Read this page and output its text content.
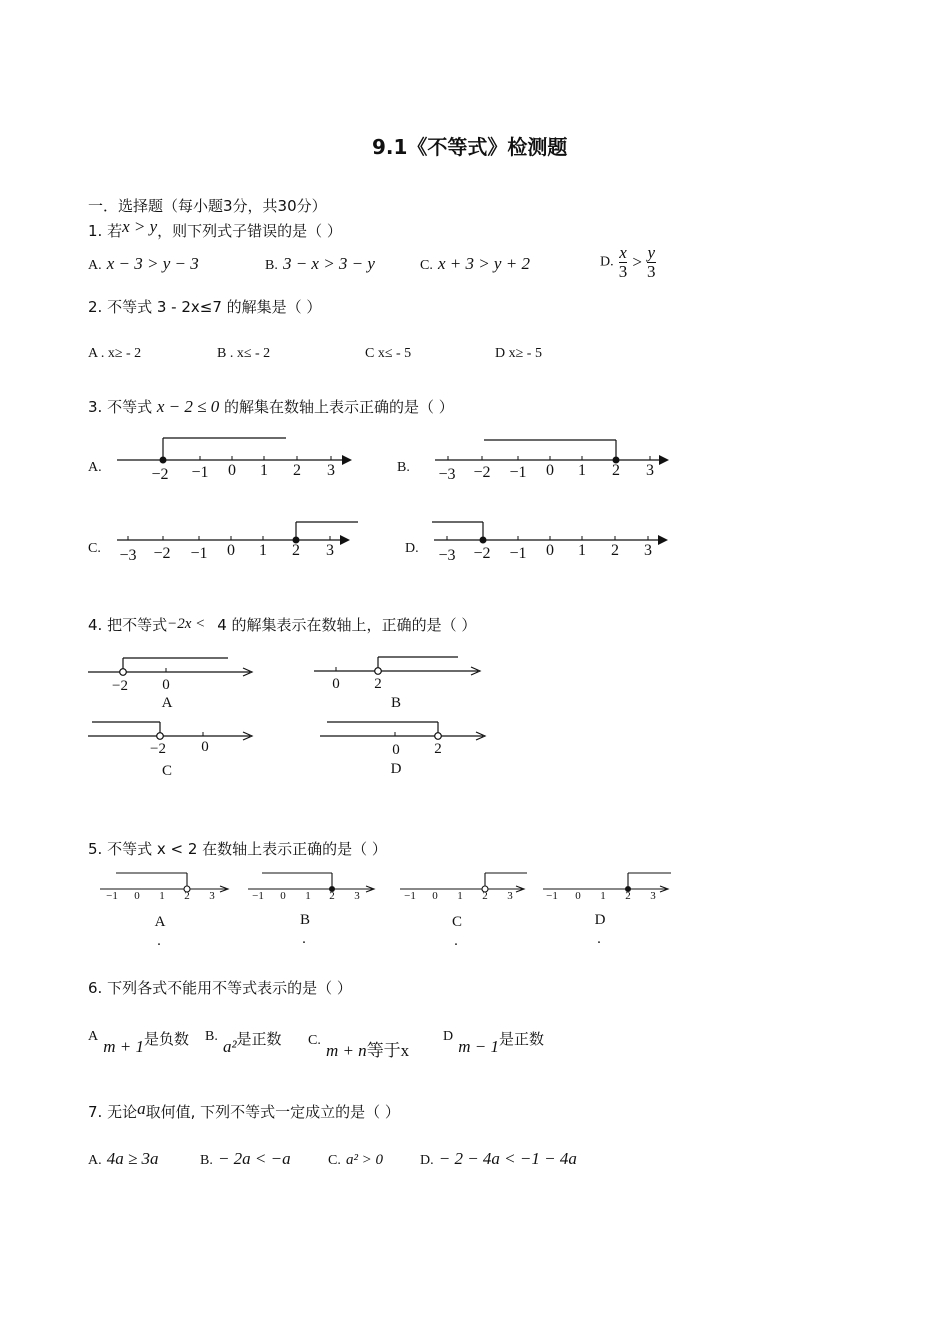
9.1《不等式》检测题
一．选择题（每小题3分，共30分）
1. 若x > y，则下列式子错误的是（ ）
A. x − 3 > y − 3	B. 3 − x > 3 − y	C. x + 3 > y + 2	D. $\frac{x}{3} > \frac{y}{3}$
2. 不等式 3 - 2x≤7 的解集是（ ）
A . x≥ - 2	B . x≤ - 2	C x≤ - 5	D x≥ - 5
3. 不等式 x − 2 ≤ 0 的解集在数轴上表示正确的是（ ）
A.	−2 −1 0 1 2 3	B. −3 −2 −1 0 1 2 3
C. −3 −2 −1 0 1 2 3	D. −3 −2 −1 0 1 2 3
4. 把不等式−2x < 4 的解集表示在数轴上，正确的是（ ）
−2 0
A
0 2
B
−2 0
C
0 2
D
5. 不等式 x < 2 在数轴上表示正确的是（ ）
−1 0 1 2 3
A
.
−1 0 1 2 3
B
.
−1 0 1 2 3
C
.
−1 0 1 2 3
D
.
6. 下列各式不能用不等式表示的是（ ）
A m + 1是负数 B. a²是正数 C. m + n等于x
D m − 1是正数
7. 无论a取何值, 下列不等式一定成立的是（ ）
A. 4a ≥ 3a	B. − 2a < −a	C. a² > 0	D. − 2 − 4a < −1 − 4a
